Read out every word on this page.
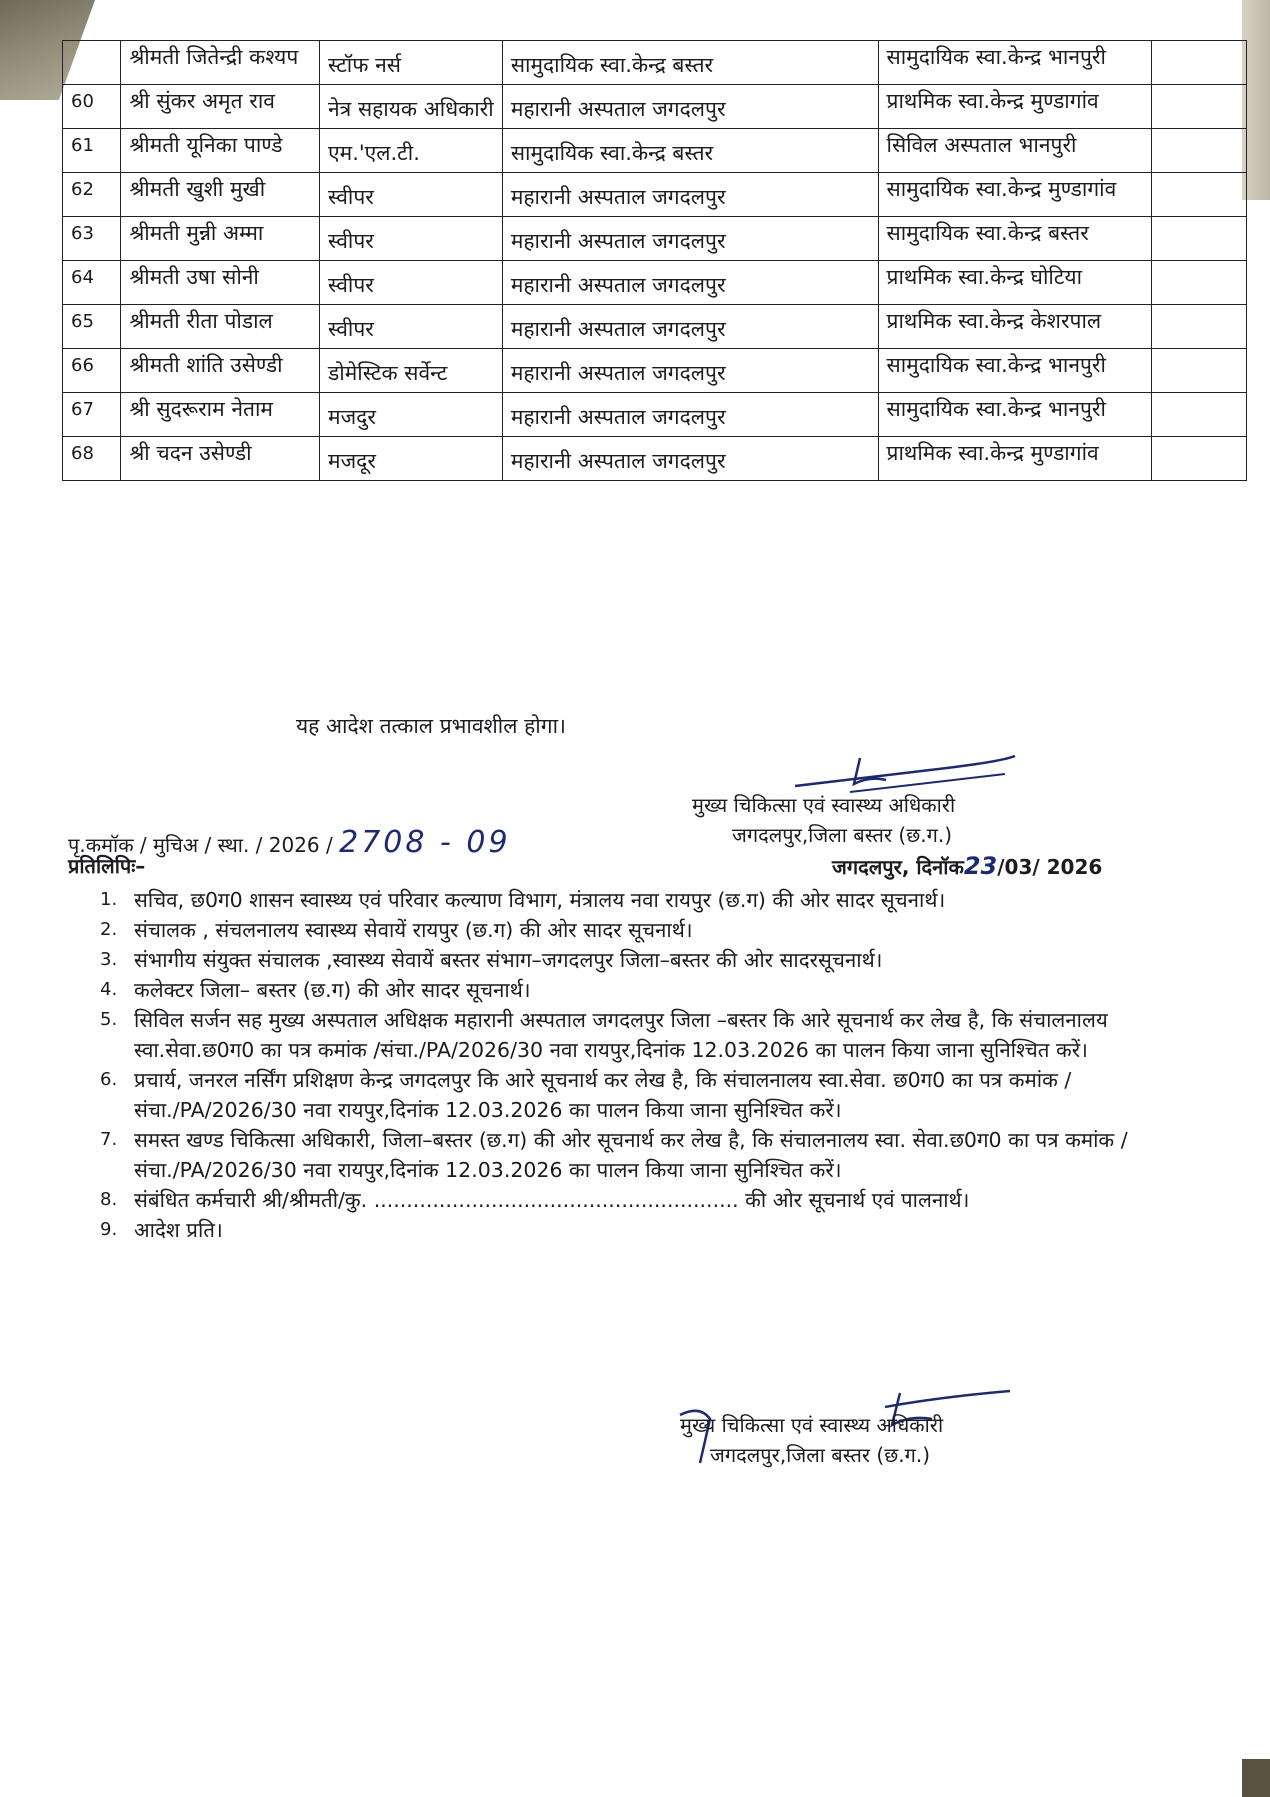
	श्रीमती जितेन्द्री कश्यप	स्टॉफ नर्स	सामुदायिक स्वा.केन्द्र बस्तर	सामुदायिक स्वा.केन्द्र भानपुरी	
60	श्री सुंकर अमृत राव	नेत्र सहायक अधिकारी	महारानी अस्पताल जगदलपुर	प्राथमिक स्वा.केन्द्र मुण्डागांव	
61	श्रीमती यूनिका पाण्डे	एम.'एल.टी.	सामुदायिक स्वा.केन्द्र बस्तर	सिविल अस्पताल भानपुरी	
62	श्रीमती खुशी मुखी	स्वीपर	महारानी अस्पताल जगदलपुर	सामुदायिक स्वा.केन्द्र मुण्डागांव	
63	श्रीमती मुन्नी अम्मा	स्वीपर	महारानी अस्पताल जगदलपुर	सामुदायिक स्वा.केन्द्र बस्तर	
64	श्रीमती उषा सोनी	स्वीपर	महारानी अस्पताल जगदलपुर	प्राथमिक स्वा.केन्द्र घोटिया	
65	श्रीमती रीता पोडाल	स्वीपर	महारानी अस्पताल जगदलपुर	प्राथमिक स्वा.केन्द्र केशरपाल	
66	श्रीमती शांति उसेण्डी	डोमेस्टिक सर्वेन्ट	महारानी अस्पताल जगदलपुर	सामुदायिक स्वा.केन्द्र भानपुरी	
67	श्री सुदरूराम नेताम	मजदुर	महारानी अस्पताल जगदलपुर	सामुदायिक स्वा.केन्द्र भानपुरी	
68	श्री चदन उसेण्डी	मजदूर	महारानी अस्पताल जगदलपुर	प्राथमिक स्वा.केन्द्र मुण्डागांव	
यह आदेश तत्काल प्रभावशील होगा।
मुख्य चिकित्सा एवं स्वास्थ्य अधिकारी
जगदलपुर,जिला बस्तर (छ.ग.)
पृ.कमॉक / मुचिअ / स्था. / 2026 / 2708 - 09
प्रतिलिपिः–	जगदलपुर, दिनॉक23/03/ 2026
1. सचिव, छ0ग0 शासन स्वास्थ्य एवं परिवार कल्याण विभाग, मंत्रालय नवा रायपुर (छ.ग) की ओर सादर सूचनार्थ।
2. संचालक , संचलनालय स्वास्थ्य सेवायें रायपुर (छ.ग) की ओर सादर सूचनार्थ।
3. संभागीय संयुक्त संचालक ,स्वास्थ्य सेवायें बस्तर संभाग–जगदलपुर जिला–बस्तर की ओर सादरसूचनार्थ।
4. कलेक्टर जिला– बस्तर (छ.ग) की ओर सादर सूचनार्थ।
5. सिविल सर्जन सह मुख्य अस्पताल अधिक्षक महारानी अस्पताल जगदलपुर जिला –बस्तर कि आरे सूचनार्थ कर लेख है, कि संचालनालय स्वा.सेवा.छ0ग0 का पत्र कमांक /संचा./PA/2026/30 नवा रायपुर,दिनांक 12.03.2026 का पालन किया जाना सुनिश्चित करें।
6. प्रचार्य, जनरल नर्सिंग प्रशिक्षण केन्द्र जगदलपुर कि आरे सूचनार्थ कर लेख है, कि संचालनालय स्वा.सेवा. छ0ग0 का पत्र कमांक /संचा./PA/2026/30 नवा रायपुर,दिनांक 12.03.2026 का पालन किया जाना सुनिश्चित करें।
7. समस्त खण्ड चिकित्सा अधिकारी, जिला–बस्तर (छ.ग) की ओर सूचनार्थ कर लेख है, कि संचालनालय स्वा. सेवा.छ0ग0 का पत्र कमांक /संचा./PA/2026/30 नवा रायपुर,दिनांक 12.03.2026 का पालन किया जाना सुनिश्चित करें।
8. संबंधित कर्मचारी श्री/श्रीमती/कु. ........................................................ की ओर सूचनार्थ एवं पालनार्थ।
9. आदेश प्रति।
मुख्य चिकित्सा एवं स्वास्थ्य अधिकारी
जगदलपुर,जिला बस्तर (छ.ग.)
